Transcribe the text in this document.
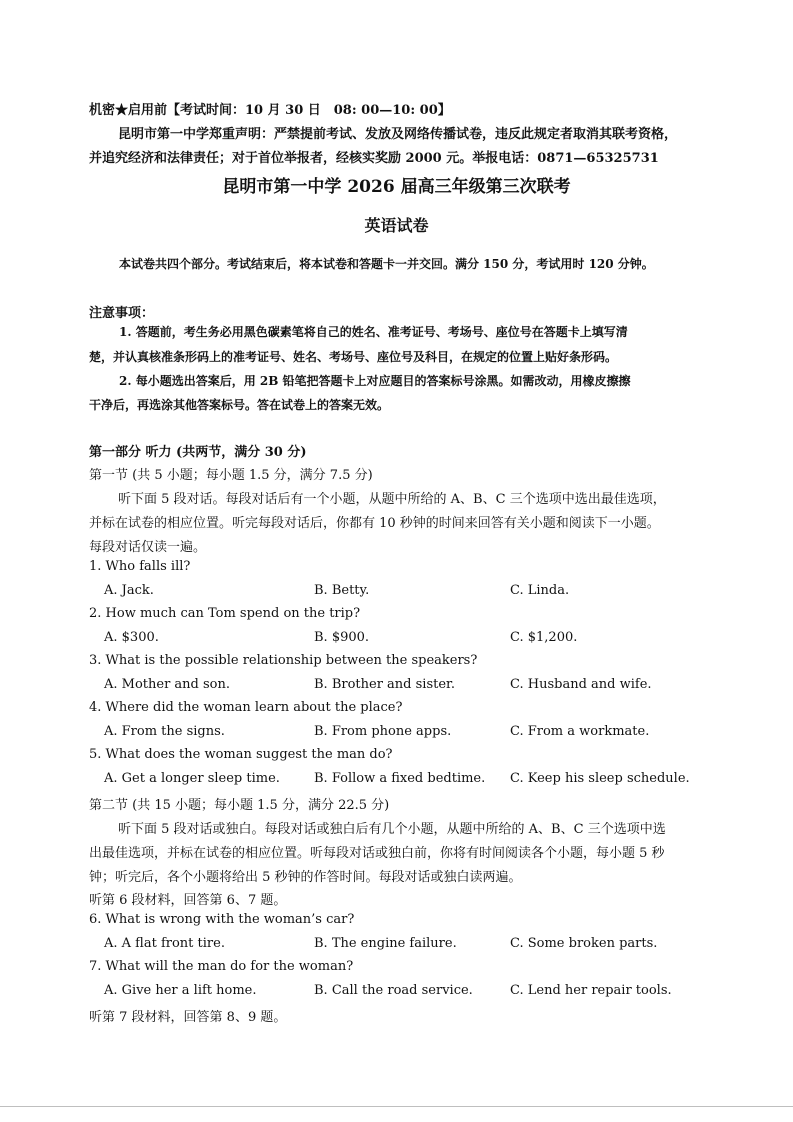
机密★启用前【考试时间：10 月 30 日　08: 00—10: 00】
昆明市第一中学郑重声明：严禁提前考试、发放及网络传播试卷，违反此规定者取消其联考资格，
并追究经济和法律责任；对于首位举报者，经核实奖励 2000 元。举报电话：0871—65325731
昆明市第一中学 2026 届高三年级第三次联考
英语试卷
本试卷共四个部分。考试结束后，将本试卷和答题卡一并交回。满分 150 分，考试用时 120 分钟。
注意事项：
1. 答题前，考生务必用黑色碳素笔将自己的姓名、准考证号、考场号、座位号在答题卡上填写清
楚，并认真核准条形码上的准考证号、姓名、考场号、座位号及科目，在规定的位置上贴好条形码。
2. 每小题选出答案后，用 2B 铅笔把答题卡上对应题目的答案标号涂黑。如需改动，用橡皮擦擦
干净后，再选涂其他答案标号。答在试卷上的答案无效。
第一部分 听力 (共两节，满分 30 分)
第一节 (共 5 小题；每小题 1.5 分，满分 7.5 分)
听下面 5 段对话。每段对话后有一个小题，从题中所给的 A、B、C 三个选项中选出最佳选项，
并标在试卷的相应位置。听完每段对话后，你都有 10 秒钟的时间来回答有关小题和阅读下一小题。
每段对话仅读一遍。
1. Who falls ill?
A. Jack.	B. Betty.	C. Linda.
2. How much can Tom spend on the trip?
A. $300.	B. $900.	C. $1,200.
3. What is the possible relationship between the speakers?
A. Mother and son.	B. Brother and sister.	C. Husband and wife.
4. Where did the woman learn about the place?
A. From the signs.	B. From phone apps.	C. From a workmate.
5. What does the woman suggest the man do?
A. Get a longer sleep time.	B. Follow a fixed bedtime. C. Keep his sleep schedule.
第二节 (共 15 小题；每小题 1.5 分，满分 22.5 分)
听下面 5 段对话或独白。每段对话或独白后有几个小题，从题中所给的 A、B、C 三个选项中选
出最佳选项，并标在试卷的相应位置。听每段对话或独白前，你将有时间阅读各个小题，每小题 5 秒
钟；听完后，各个小题将给出 5 秒钟的作答时间。每段对话或独白读两遍。
听第 6 段材料，回答第 6、7 题。
6. What is wrong with the woman’s car?
A. A flat front tire.	B. The engine failure.	C. Some broken parts.
7. What will the man do for the woman?
A. Give her a lift home.	B. Call the road service.	C. Lend her repair tools.
听第 7 段材料，回答第 8、9 题。
